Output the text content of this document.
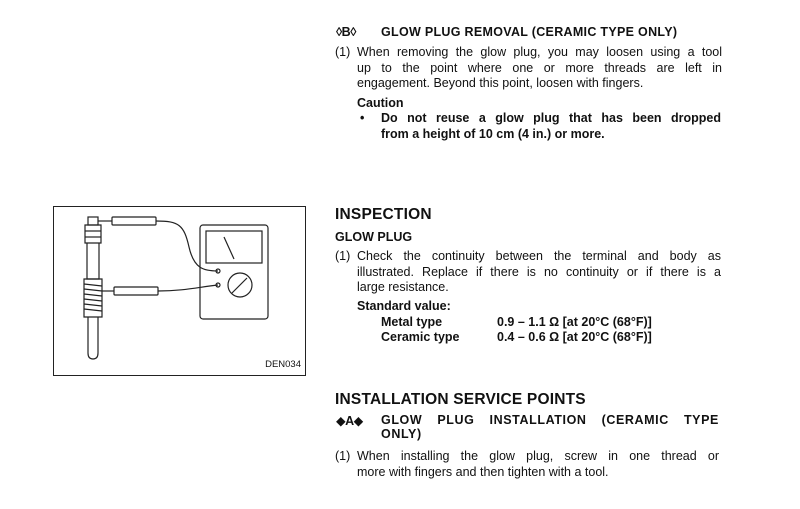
◊B◊ GLOW PLUG REMOVAL (CERAMIC TYPE ONLY)
(1) When removing the glow plug, you may loosen using a tool
up to the point where one or more threads are left in
engagement. Beyond this point, loosen with fingers.
Caution
• Do not reuse a glow plug that has been dropped
from a height of 10 cm (4 in.) or more.
DEN034
INSPECTION
GLOW PLUG
(1) Check the continuity between the terminal and body as
illustrated. Replace if there is no continuity or if there is a
large resistance.
Standard value:
Metal type	0.9 – 1.1 Ω [at 20°C (68°F)]
Ceramic type	0.4 – 0.6 Ω [at 20°C (68°F)]
INSTALLATION SERVICE POINTS
◆A◆ GLOW PLUG INSTALLATION (CERAMIC TYPE
ONLY)
(1) When installing the glow plug, screw in one thread or
more with fingers and then tighten with a tool.
